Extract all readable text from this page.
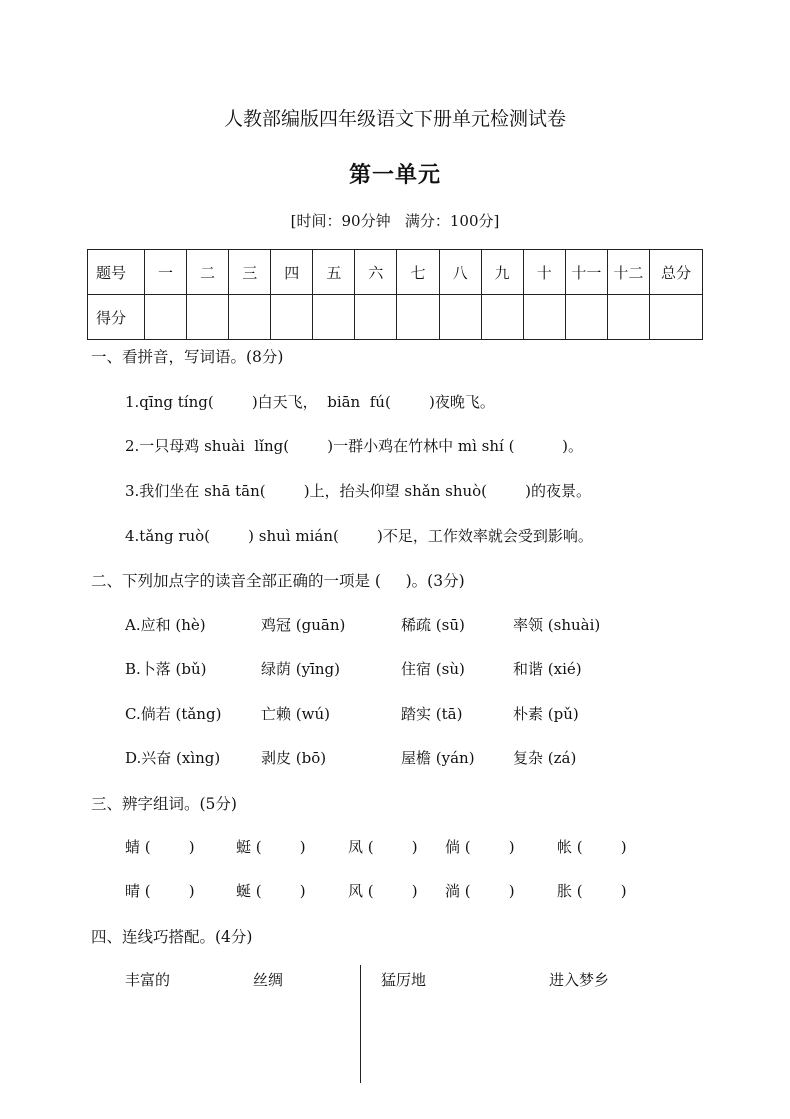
人教部编版四年级语文下册单元检测试卷
第一单元
[时间：90分钟   满分：100分]
题号	一	二	三	四	五	六	七	八	九	十	十一	十二	总分
得分													
一、看拼音，写词语。(8分)
1.qīng tíng(        )白天飞，  biān  fú(        )夜晚飞。
2.一只母鸡 shuài  lǐng(        )一群小鸡在竹林中 mì shí (          )。
3.我们坐在 shā tān(        )上，抬头仰望 shǎn shuò(        )的夜景。
4.tǎng ruò(        ) shuì mián(        )不足，工作效率就会受到影响。
二、下列加点字的读音全部正确的一项是 (     )。(3分)
A.应和 (hè)	鸡冠 (guān)	稀疏 (sū)	率领 (shuài)
B.卜落 (bǔ)	绿荫 (yīng)	住宿 (sù)	和谐 (xié)
C.倘若 (tǎng)	亡赖 (wú)	踏实 (tā)	朴素 (pǔ)
D.兴奋 (xìng)	剥皮 (bō)	屋檐 (yán)	复杂 (zá)
三、辨字组词。(5分)
蜻 (        )	蜓 (        )	凤 (        ) 倘 (        )	帐 (        )
晴 (        )	蜒 (        )	风 (        ) 淌 (        )	胀 (        )
四、连线巧搭配。(4分)
丰富的	丝绸	猛厉地	进入梦乡
